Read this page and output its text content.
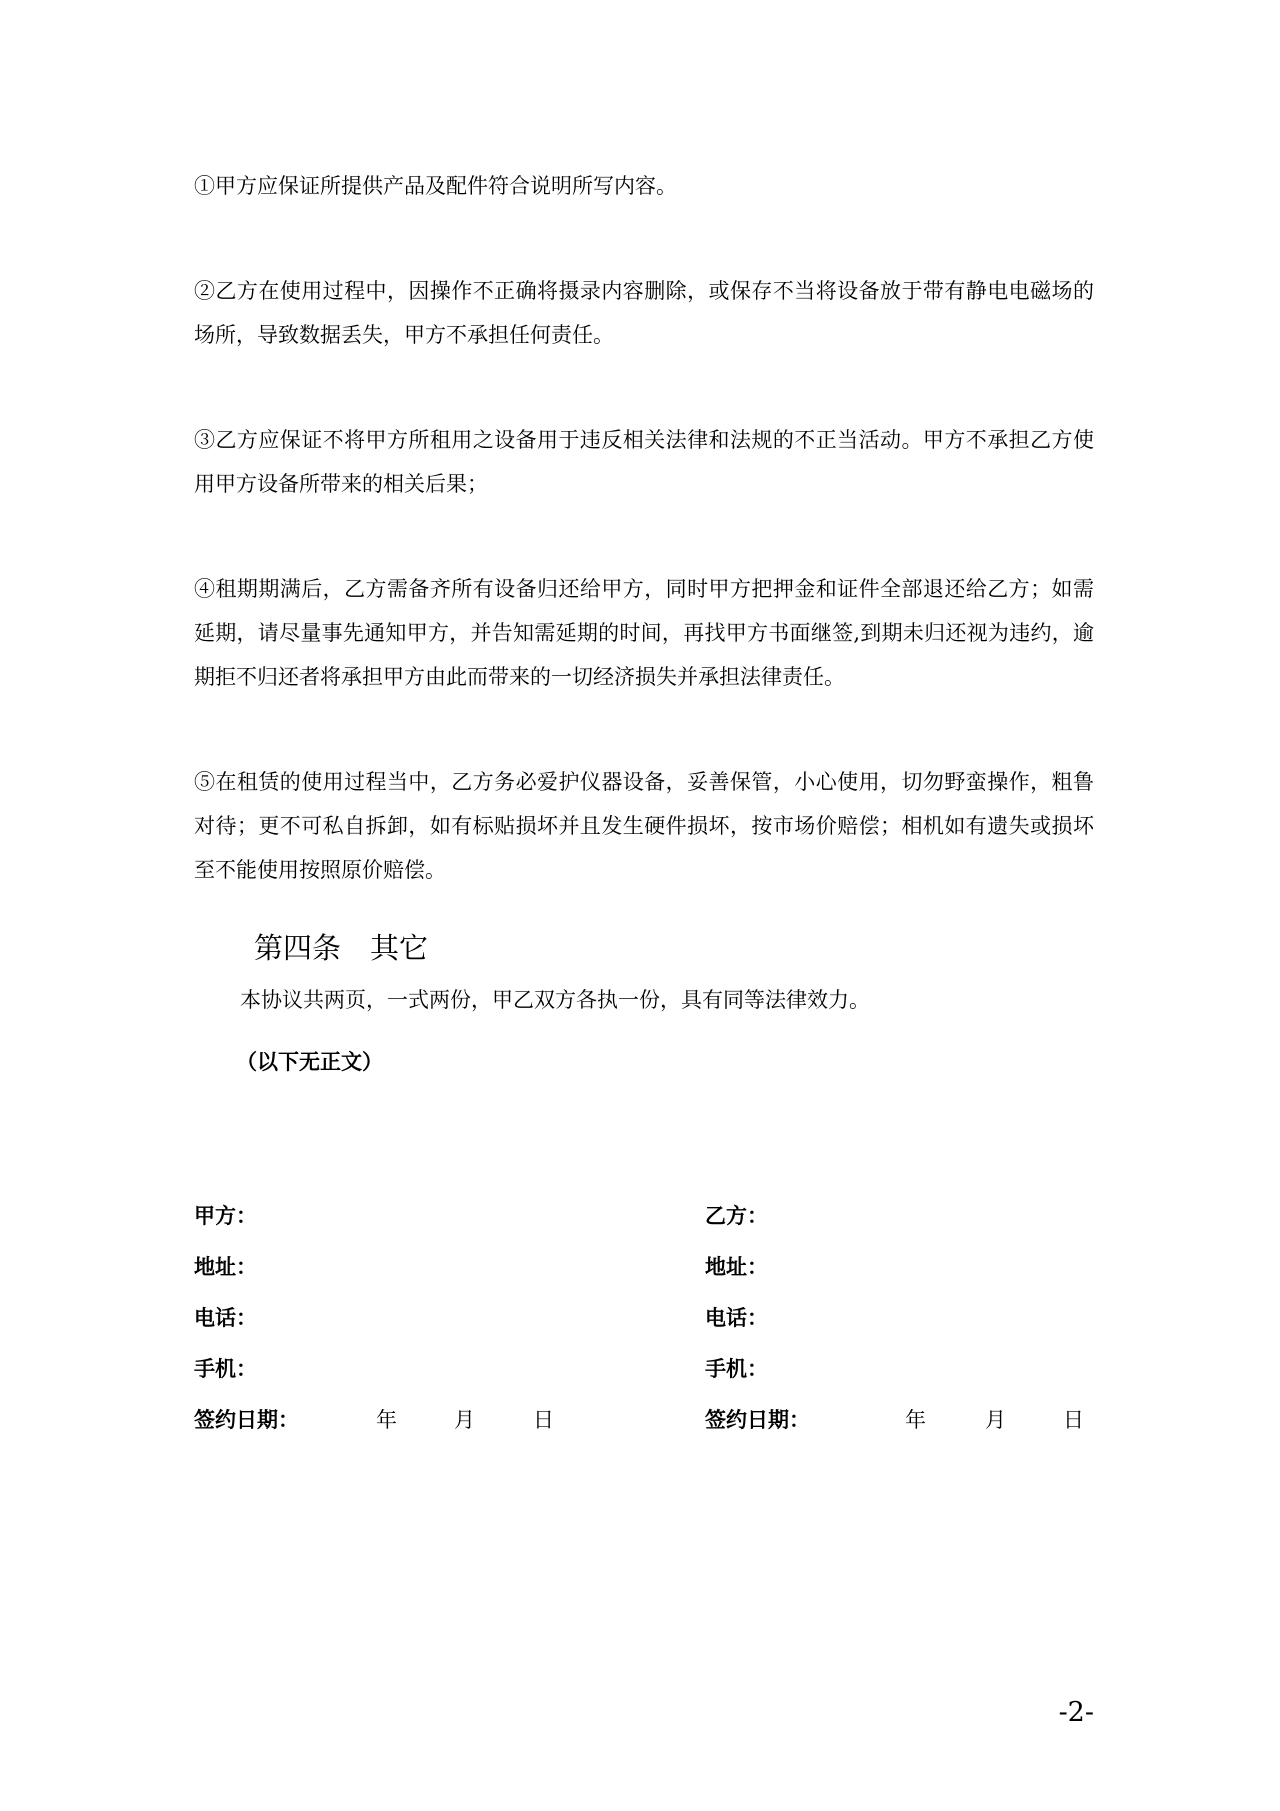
①甲方应保证所提供产品及配件符合说明所写内容。

②乙方在使用过程中，因操作不正确将摄录内容删除，或保存不当将设备放于带有静电电磁场的场所，导致数据丢失，甲方不承担任何责任。

③乙方应保证不将甲方所租用之设备用于违反相关法律和法规的不正当活动。甲方不承担乙方使用甲方设备所带来的相关后果；

④租期期满后，乙方需备齐所有设备归还给甲方，同时甲方把押金和证件全部退还给乙方；如需延期，请尽量事先通知甲方，并告知需延期的时间，再找甲方书面继签,到期未归还视为违约，逾期拒不归还者将承担甲方由此而带来的一切经济损失并承担法律责任。

⑤在租赁的使用过程当中，乙方务必爱护仪器设备，妥善保管，小心使用，切勿野蛮操作，粗鲁对待；更不可私自拆卸，如有标贴损坏并且发生硬件损坏，按市场价赔偿；相机如有遗失或损坏至不能使用按照原价赔偿。

第四条　其它
本协议共两页，一式两份，甲乙双方各执一份，具有同等法律效力。
（以下无正文）
甲方：
地址：
电话：
手机：
签约日期：	年	月	日
乙方：
地址：
电话：
手机：
签约日期：	年	月	日
-2-
